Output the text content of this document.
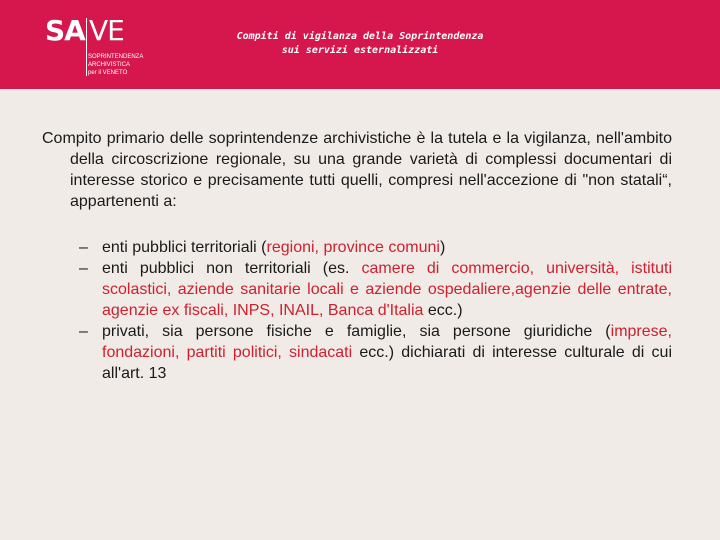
SA VE
SOPRINTENDENZA
ARCHIVISTICA
per il VENETO
Compiti di vigilanza della Soprintendenza
sui servizi esternalizzati

Compito primario delle soprintendenze archivistiche è la tutela e la vigilanza, nell'ambito della circoscrizione regionale, su una grande varietà di complessi documentari di interesse storico e precisamente tutti quelli, compresi nell'accezione di "non statali“, appartenenti a:

– enti pubblici territoriali (regioni, province comuni)
– enti pubblici non territoriali (es. camere di commercio, università, istituti scolastici, aziende sanitarie locali e aziende ospedaliere,agenzie delle entrate, agenzie ex fiscali, INPS, INAIL, Banca d'Italia ecc.)
– privati, sia persone fisiche e famiglie, sia persone giuridiche (imprese, fondazioni, partiti politici, sindacati ecc.) dichiarati di interesse culturale di cui all'art. 13
